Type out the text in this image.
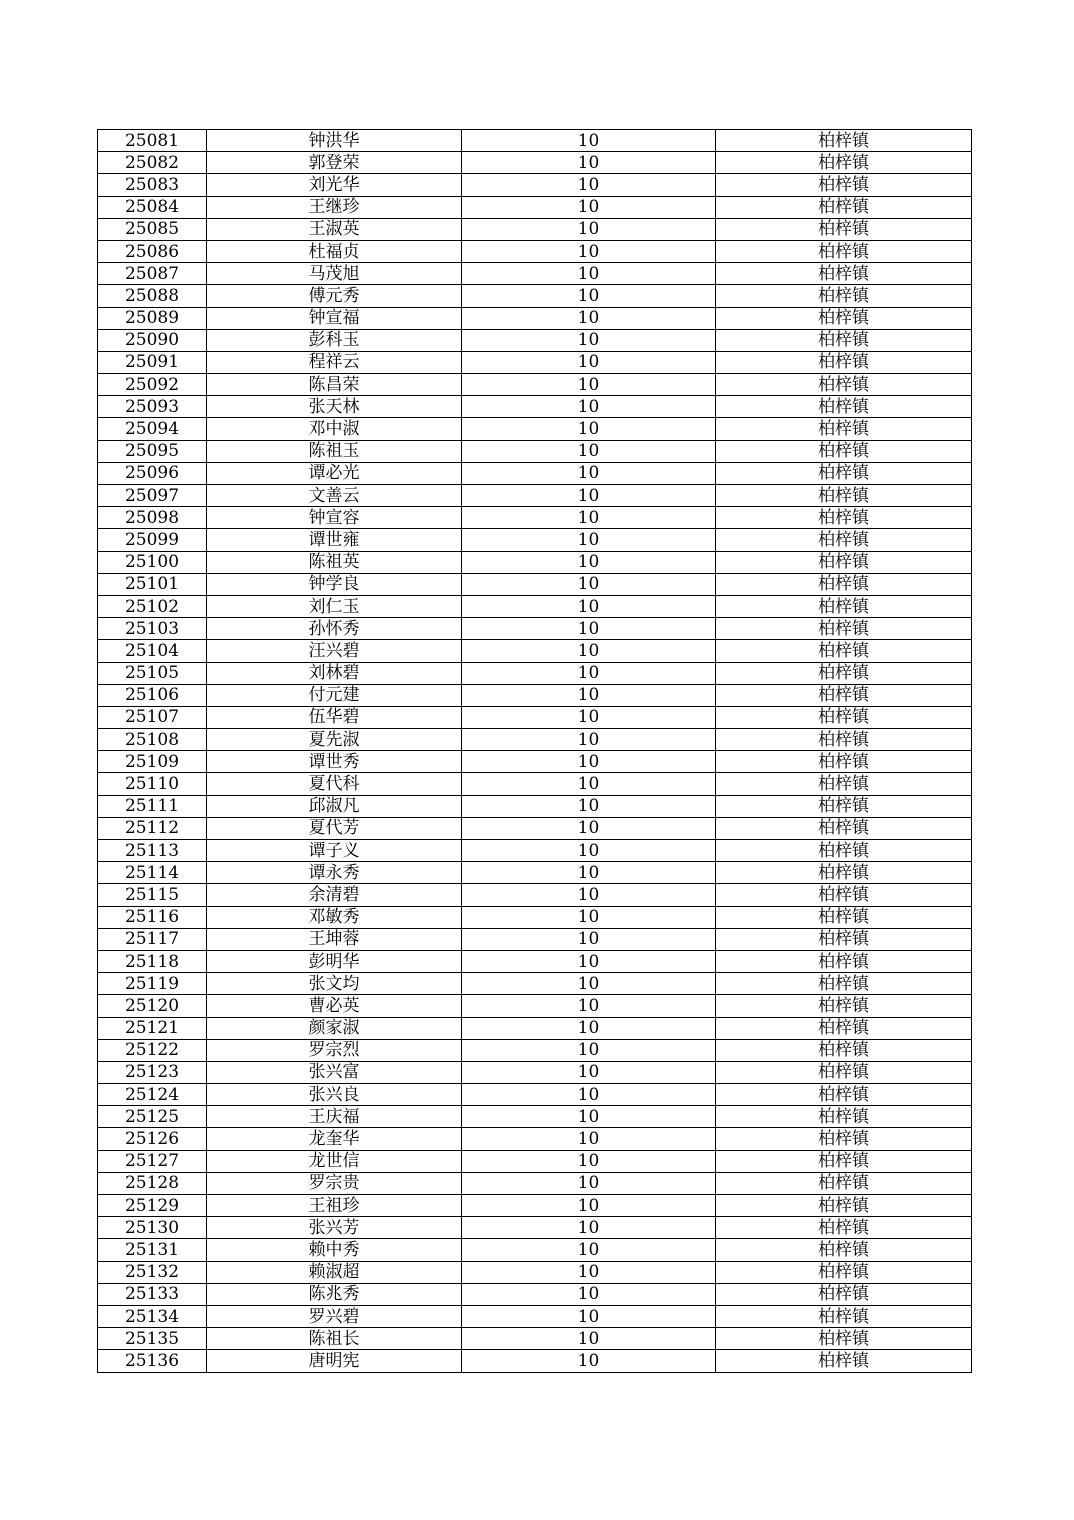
25081	钟洪华	10	柏梓镇
25082	郭登荣	10	柏梓镇
25083	刘光华	10	柏梓镇
25084	王继珍	10	柏梓镇
25085	王淑英	10	柏梓镇
25086	杜福贞	10	柏梓镇
25087	马茂旭	10	柏梓镇
25088	傅元秀	10	柏梓镇
25089	钟宣福	10	柏梓镇
25090	彭科玉	10	柏梓镇
25091	程祥云	10	柏梓镇
25092	陈昌荣	10	柏梓镇
25093	张天林	10	柏梓镇
25094	邓中淑	10	柏梓镇
25095	陈祖玉	10	柏梓镇
25096	谭必光	10	柏梓镇
25097	文善云	10	柏梓镇
25098	钟宣容	10	柏梓镇
25099	谭世雍	10	柏梓镇
25100	陈祖英	10	柏梓镇
25101	钟学良	10	柏梓镇
25102	刘仁玉	10	柏梓镇
25103	孙怀秀	10	柏梓镇
25104	汪兴碧	10	柏梓镇
25105	刘林碧	10	柏梓镇
25106	付元建	10	柏梓镇
25107	伍华碧	10	柏梓镇
25108	夏先淑	10	柏梓镇
25109	谭世秀	10	柏梓镇
25110	夏代科	10	柏梓镇
25111	邱淑凡	10	柏梓镇
25112	夏代芳	10	柏梓镇
25113	谭子义	10	柏梓镇
25114	谭永秀	10	柏梓镇
25115	余清碧	10	柏梓镇
25116	邓敏秀	10	柏梓镇
25117	王坤蓉	10	柏梓镇
25118	彭明华	10	柏梓镇
25119	张文均	10	柏梓镇
25120	曹必英	10	柏梓镇
25121	颜家淑	10	柏梓镇
25122	罗宗烈	10	柏梓镇
25123	张兴富	10	柏梓镇
25124	张兴良	10	柏梓镇
25125	王庆福	10	柏梓镇
25126	龙奎华	10	柏梓镇
25127	龙世信	10	柏梓镇
25128	罗宗贵	10	柏梓镇
25129	王祖珍	10	柏梓镇
25130	张兴芳	10	柏梓镇
25131	赖中秀	10	柏梓镇
25132	赖淑超	10	柏梓镇
25133	陈兆秀	10	柏梓镇
25134	罗兴碧	10	柏梓镇
25135	陈祖长	10	柏梓镇
25136	唐明宪	10	柏梓镇
